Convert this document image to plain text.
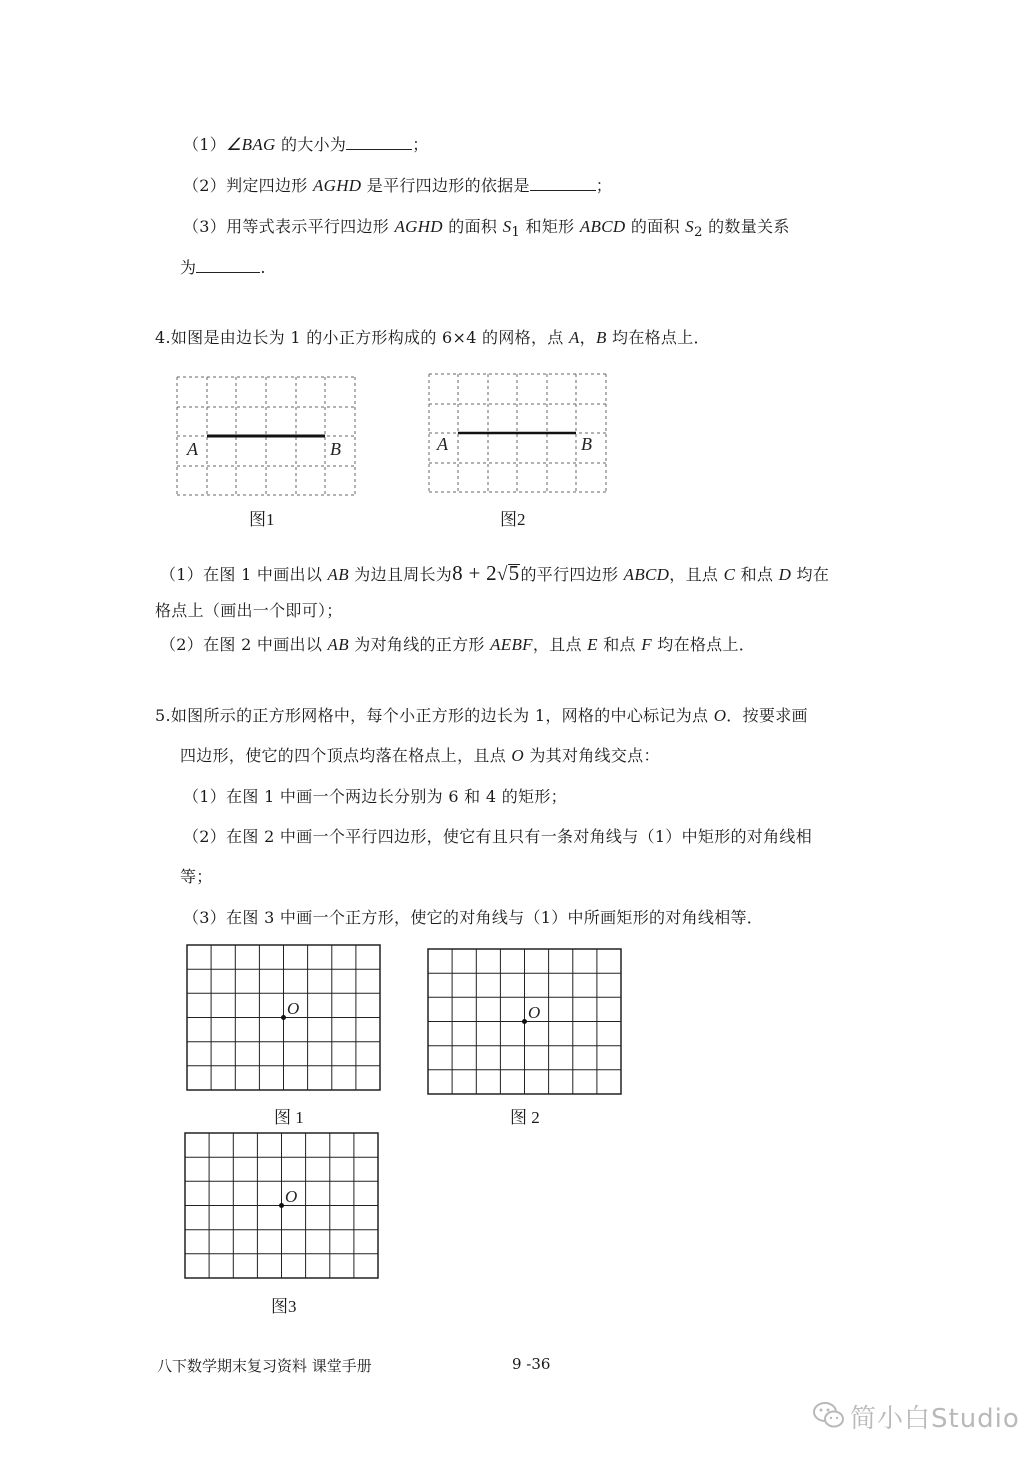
（1）∠BAG 的大小为	；
（2）判定四边形 AGHD 是平行四边形的依据是	；
（3）用等式表示平行四边形 AGHD 的面积 $S_1$ 和矩形 ABCD 的面积 $S_2$ 的数量关系
为	.
4.如图是由边长为 1 的小正方形构成的 6×4 的网格，点 A，B 均在格点上．
A	B
图1
A	B
图2
（1）在图 1 中画出以 AB 为边且周长为8 + 2√5的平行四边形 ABCD，且点 C 和点 D 均在
格点上（画出一个即可）；
（2）在图 2 中画出以 AB 为对角线的正方形 AEBF，且点 E 和点 F 均在格点上．
5.如图所示的正方形网格中，每个小正方形的边长为 1，网格的中心标记为点 O．按要求画
四边形，使它的四个顶点均落在格点上，且点 O 为其对角线交点：
（1）在图 1 中画一个两边长分别为 6 和 4 的矩形；
（2）在图 2 中画一个平行四边形，使它有且只有一条对角线与（1）中矩形的对角线相
等；
（3）在图 3 中画一个正方形，使它的对角线与（1）中所画矩形的对角线相等．
O
图 1
O
图 2
O
图3
八下数学期末复习资料 课堂手册	9 -36
简小白Studio
